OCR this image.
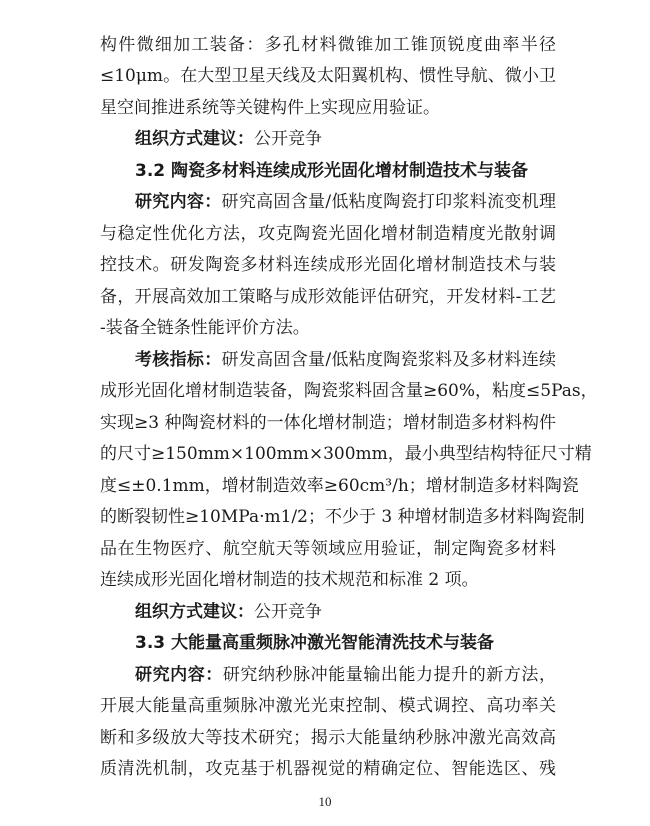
构件微细加工装备：多孔材料微锥加工锥顶锐度曲率半径
≤10μm。在大型卫星天线及太阳翼机构、惯性导航、微小卫
星空间推进系统等关键构件上实现应用验证。
组织方式建议：公开竞争
3.2 陶瓷多材料连续成形光固化增材制造技术与装备
研究内容：研究高固含量/低粘度陶瓷打印浆料流变机理
与稳定性优化方法，攻克陶瓷光固化增材制造精度光散射调
控技术。研发陶瓷多材料连续成形光固化增材制造技术与装
备，开展高效加工策略与成形效能评估研究，开发材料-工艺
-装备全链条性能评价方法。
考核指标：研发高固含量/低粘度陶瓷浆料及多材料连续
成形光固化增材制造装备，陶瓷浆料固含量≥60%，粘度≤5Pas，
实现≥3 种陶瓷材料的一体化增材制造；增材制造多材料构件
的尺寸≥150mm×100mm×300mm，最小典型结构特征尺寸精
度≤±0.1mm，增材制造效率≥60cm³/h；增材制造多材料陶瓷
的断裂韧性≥10MPa·m1/2；不少于 3 种增材制造多材料陶瓷制
品在生物医疗、航空航天等领域应用验证，制定陶瓷多材料
连续成形光固化增材制造的技术规范和标准 2 项。
组织方式建议：公开竞争
3.3 大能量高重频脉冲激光智能清洗技术与装备
研究内容：研究纳秒脉冲能量输出能力提升的新方法，
开展大能量高重频脉冲激光光束控制、模式调控、高功率关
断和多级放大等技术研究；揭示大能量纳秒脉冲激光高效高
质清洗机制，攻克基于机器视觉的精确定位、智能选区、残
10
